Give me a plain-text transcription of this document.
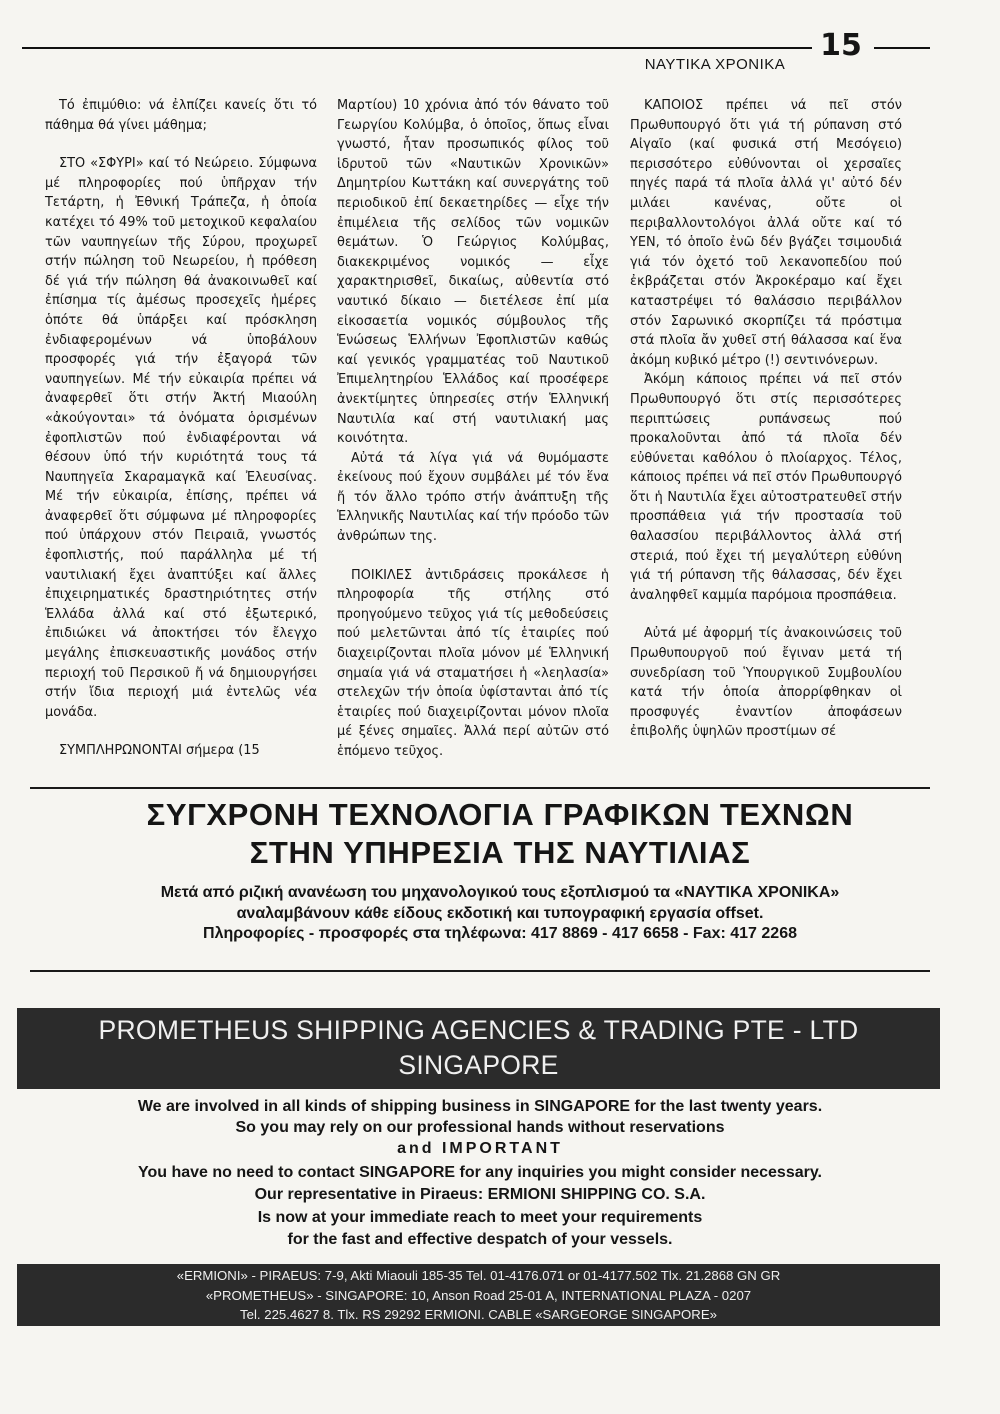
15
ΝΑΥΤΙΚΑ ΧΡΟΝΙΚΑ

Τό ἐπιμύθιο: νά ἐλπίζει κανείς ὅτι τό πάθημα θά γίνει μάθημα;

ΣΤΟ «ΣΦΥΡΙ» καί τό Νεώρειο. Σύμφωνα μέ πληροφορίες πού ὑπῆρχαν τήν Τετάρτη, ἡ Ἐθνική Τράπεζα, ἡ ὁποία κατέχει τό 49% τοῦ μετοχικοῦ κεφαλαίου τῶν ναυπηγείων τῆς Σύρου, προχωρεῖ στήν πώληση τοῦ Νεωρείου, ἡ πρόθεση δέ γιά τήν πώληση θά ἀνακοινωθεῖ καί ἐπίσημα τίς ἀμέσως προσεχεῖς ἡμέρες ὁπότε θά ὑπάρξει καί πρόσκληση ἐνδιαφερομένων νά ὑποβάλουν προσφορές γιά τήν ἐξαγορά τῶν ναυπηγείων. Μέ τήν εὐκαιρία πρέπει νά ἀναφερθεῖ ὅτι στήν Ἀκτή Μιαούλη «ἀκούγονται» τά ὀνόματα ὁρισμένων ἐφοπλιστῶν πού ἐνδιαφέρονται νά θέσουν ὑπό τήν κυριότητά τους τά Ναυπηγεῖα Σκαραμαγκᾶ καί Ἐλευσίνας. Μέ τήν εὐκαιρία, ἐπίσης, πρέπει νά ἀναφερθεῖ ὅτι σύμφωνα μέ πληροφορίες πού ὑπάρχουν στόν Πειραιᾶ, γνωστός ἐφοπλιστής, πού παράλληλα μέ τή ναυτιλιακή ἔχει ἀναπτύξει καί ἄλλες ἐπιχειρηματικές δραστηριότητες στήν Ἑλλάδα ἀλλά καί στό ἐξωτερικό, ἐπιδιώκει νά ἀποκτήσει τόν ἔλεγχο μεγάλης ἐπισκευαστικῆς μονάδος στήν περιοχή τοῦ Περσικοῦ ἤ νά δημιουργήσει στήν ἴδια περιοχή μιά ἐντελῶς νέα μονάδα.

ΣΥΜΠΛΗΡΩΝΟΝΤΑΙ σήμερα (15

Μαρτίου) 10 χρόνια ἀπό τόν θάνατο τοῦ Γεωργίου Κολύμβα, ὁ ὁποῖος, ὅπως εἶναι γνωστό, ἦταν προσωπικός φίλος τοῦ ἱδρυτοῦ τῶν «Ναυτικῶν Χρονικῶν» Δημητρίου Κωττάκη καί συνεργάτης τοῦ περιοδικοῦ ἐπί δεκαετηρίδες — εἶχε τήν ἐπιμέλεια τῆς σελίδος τῶν νομικῶν θεμάτων. Ὁ Γεώργιος Κολύμβας, διακεκριμένος νομικός — εἶχε χαρακτηρισθεῖ, δικαίως, αὐθεντία στό ναυτικό δίκαιο — διετέλεσε ἐπί μία εἰκοσαετία νομικός σύμβουλος τῆς Ἑνώσεως Ἑλλήνων Ἐφοπλιστῶν καθώς καί γενικός γραμματέας τοῦ Ναυτικοῦ Ἐπιμελητηρίου Ἑλλάδος καί προσέφερε ἀνεκτίμητες ὑπηρεσίες στήν Ἑλληνική Ναυτιλία καί στή ναυτιλιακή μας κοινότητα.

Αὐτά τά λίγα γιά νά θυμόμαστε ἐκείνους πού ἔχουν συμβάλει μέ τόν ἕνα ἤ τόν ἄλλο τρόπο στήν ἀνάπτυξη τῆς Ἑλληνικῆς Ναυτιλίας καί τήν πρόοδο τῶν ἀνθρώπων της.

ΠΟΙΚΙΛΕΣ ἀντιδράσεις προκάλεσε ἡ πληροφορία τῆς στήλης στό προηγούμενο τεῦχος γιά τίς μεθοδεύσεις πού μελετῶνται ἀπό τίς ἑταιρίες πού διαχειρίζονται πλοῖα μόνον μέ Ἑλληνική σημαία γιά νά σταματήσει ἡ «λεηλασία» στελεχῶν τήν ὁποία ὑφίστανται ἀπό τίς ἑταιρίες πού διαχειρίζονται μόνον πλοῖα μέ ξένες σημαῖες. Ἀλλά περί αὐτῶν στό ἑπόμενο τεῦχος.

ΚΑΠΟΙΟΣ πρέπει νά πεῖ στόν Πρωθυπουργό ὅτι γιά τή ρύπανση στό Αἰγαῖο (καί φυσικά στή Μεσόγειο) περισσότερο εὐθύνονται οἱ χερσαῖες πηγές παρά τά πλοῖα ἀλλά γι' αὐτό δέν μιλάει κανένας, οὔτε οἱ περιβαλλοντολόγοι ἀλλά οὔτε καί τό ΥΕΝ, τό ὁποῖο ἐνῶ δέν βγάζει τσιμουδιά γιά τόν ὀχετό τοῦ λεκανοπεδίου πού ἐκβράζεται στόν Ἀκροκέραμο καί ἔχει καταστρέψει τό θαλάσσιο περιβάλλον στόν Σαρωνικό σκορπίζει τά πρόστιμα στά πλοῖα ἄν χυθεῖ στή θάλασσα καί ἕνα ἀκόμη κυβικό μέτρο (!) σεντινόνερων.

Ἀκόμη κάποιος πρέπει νά πεῖ στόν Πρωθυπουργό ὅτι στίς περισσότερες περιπτώσεις ρυπάνσεως πού προκαλοῦνται ἀπό τά πλοῖα δέν εὐθύνεται καθόλου ὁ πλοίαρχος. Τέλος, κάποιος πρέπει νά πεῖ στόν Πρωθυπουργό ὅτι ἡ Ναυτιλία ἔχει αὐτοστρατευθεῖ στήν προσπάθεια γιά τήν προστασία τοῦ θαλασσίου περιβάλλοντος ἀλλά στή στεριά, πού ἔχει τή μεγαλύτερη εὐθύνη γιά τή ρύπανση τῆς θάλασσας, δέν ἔχει ἀναληφθεῖ καμμία παρόμοια προσπάθεια.

Αὐτά μέ ἀφορμή τίς ἀνακοινώσεις τοῦ Πρωθυπουργοῦ πού ἔγιναν μετά τή συνεδρίαση τοῦ Ὑπουργικοῦ Συμβουλίου κατά τήν ὁποία ἀπορρίφθηκαν οἱ προσφυγές ἐναντίον ἀποφάσεων ἐπιβολῆς ὑψηλῶν προστίμων σέ

ΣΥΓΧΡΟΝΗ ΤΕΧΝΟΛΟΓΙΑ ΓΡΑΦΙΚΩΝ ΤΕΧΝΩΝ
ΣΤΗΝ ΥΠΗΡΕΣΙΑ ΤΗΣ ΝΑΥΤΙΛΙΑΣ
Μετά από ριζική ανανέωση του μηχανολογικού τους εξοπλισμού τα «ΝΑΥΤΙΚΑ ΧΡΟΝΙΚΑ»
αναλαμβάνουν κάθε είδους εκδοτική και τυπογραφική εργασία offset.
Πληροφορίες - προσφορές στα τηλέφωνα: 417 8869 - 417 6658 - Fax: 417 2268
PROMETHEUS SHIPPING AGENCIES & TRADING PTE - LTD
SINGAPORE
We are involved in all kinds of shipping business in SINGAPORE for the last twenty years.
So you may rely on our professional hands without reservations
and IMPORTANT
You have no need to contact SINGAPORE for any inquiries you might consider necessary.
Our representative in Piraeus: ERMIONI SHIPPING CO. S.A.
Is now at your immediate reach to meet your requirements
for the fast and effective despatch of your vessels.
«ERMIONI» - PIRAEUS: 7-9, Akti Miaouli 185-35 Tel. 01-4176.071 or 01-4177.502 Tlx. 21.2868 GN GR
«PROMETHEUS» - SINGAPORE: 10, Anson Road 25-01 A, INTERNATIONAL PLAZA - 0207
Tel. 225.4627 8. Tlx. RS 29292 ERMIONI. CABLE «SARGEORGE SINGAPORE»
